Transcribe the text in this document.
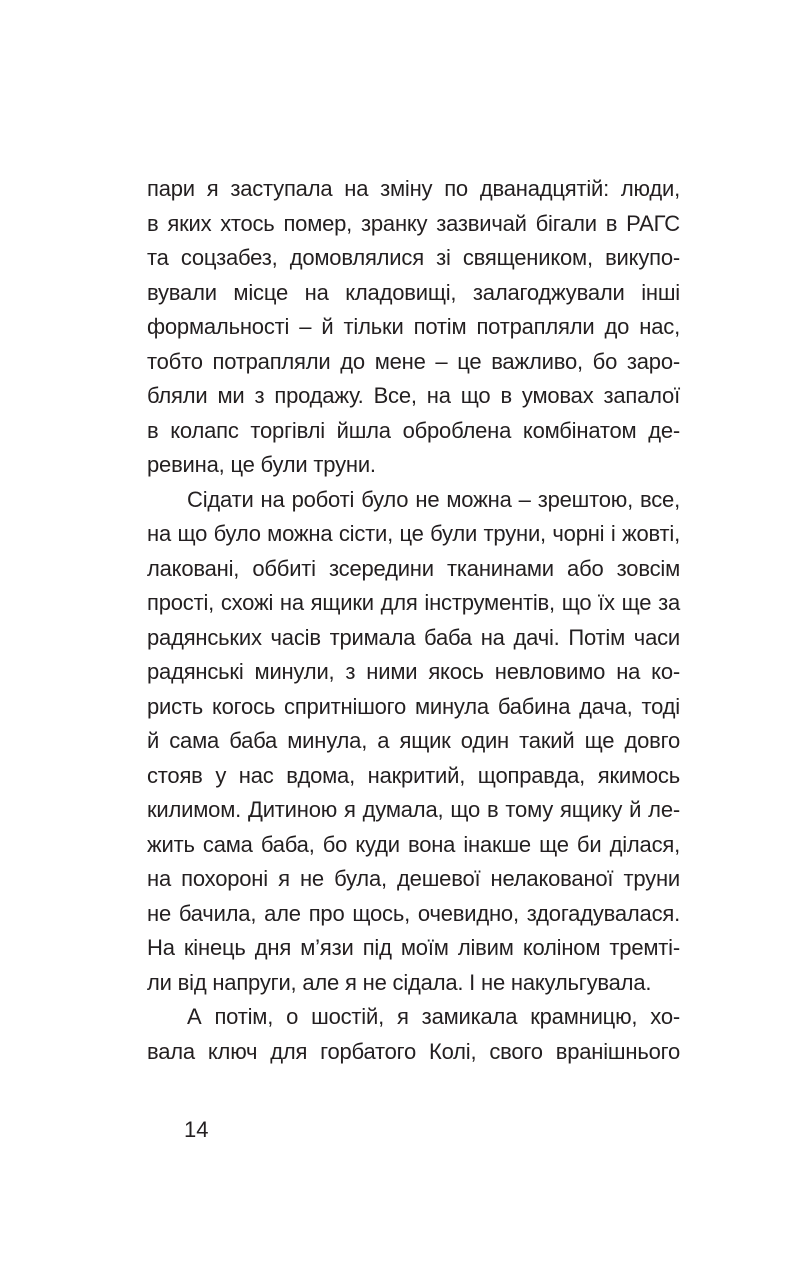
пари я заступала на зміну по дванадцятій: люди,
в яких хтось помер, зранку зазвичай бігали в РАГС
та соцзабез, домовлялися зі священиком, викупо-
вували місце на кладовищі, залагоджували інші
формальності – й тільки потім потрапляли до нас,
тобто потрапляли до мене – це важливо, бо заро-
бляли ми з продажу. Все, на що в умовах запалої
в колапс торгівлі йшла оброблена комбінатом де-
ревина, це були труни.
Сідати на роботі було не можна – зрештою, все,
на що було можна сісти, це були труни, чорні і жовті,
лаковані, оббиті зсередини тканинами або зовсім
прості, схожі на ящики для інструментів, що їх ще за
радянських часів тримала баба на дачі. Потім часи
радянські минули, з ними якось невловимо на ко-
ристь когось спритнішого минула бабина дача, тоді
й сама баба минула, а ящик один такий ще довго
стояв у нас вдома, накритий, щоправда, якимось
килимом. Дитиною я думала, що в тому ящику й ле-
жить сама баба, бо куди вона інакше ще би ділася,
на похороні я не була, дешевої нелакованої труни
не бачила, але про щось, очевидно, здогадувалася.
На кінець дня м’язи під моїм лівим коліном тремті-
ли від напруги, але я не сідала. І не накульгувала.
А потім, о шостій, я замикала крамницю, хо-
вала ключ для горбатого Колі, свого вранішнього
14
